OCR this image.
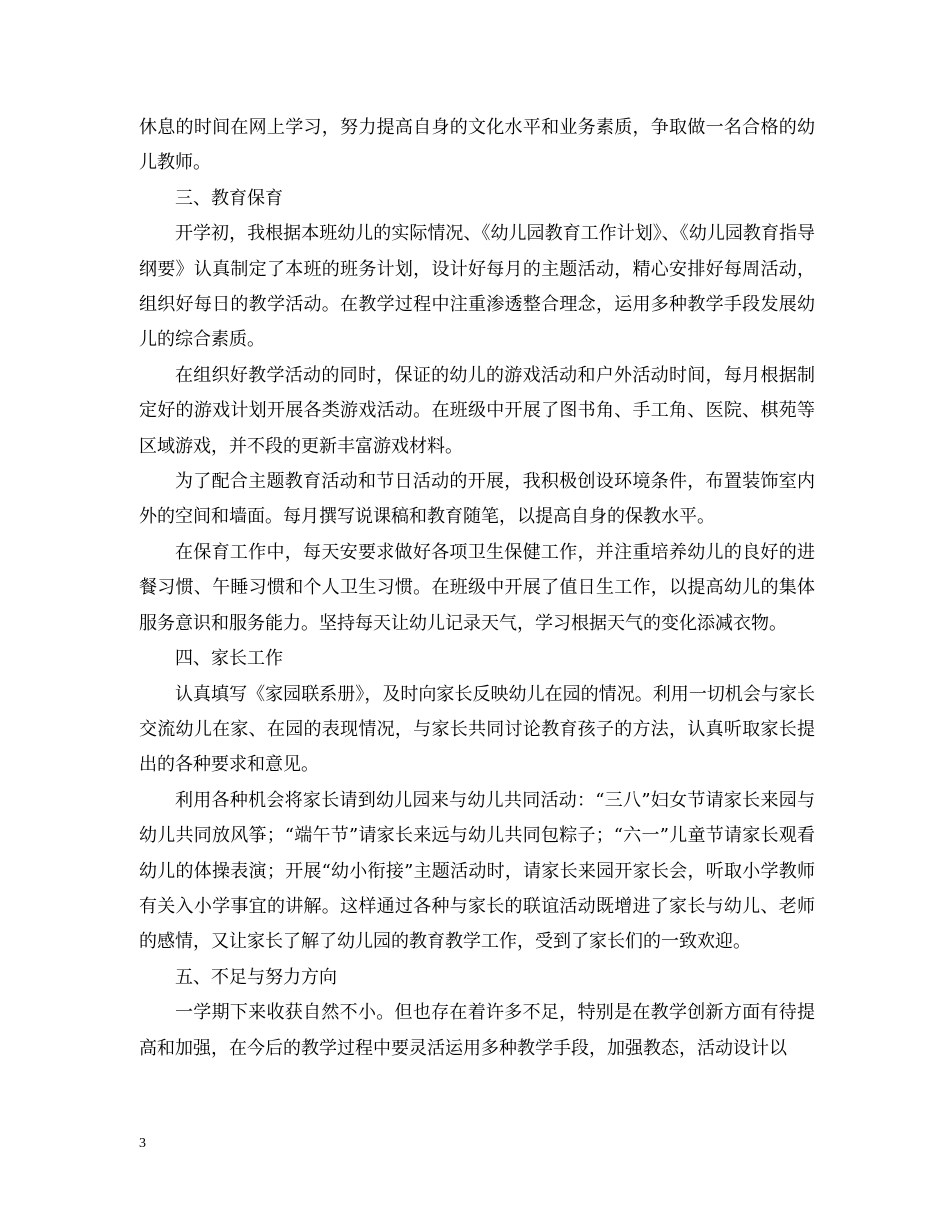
休息的时间在网上学习，努力提高自身的文化水平和业务素质，争取做一名合格的幼儿教师。

三、教育保育

开学初，我根据本班幼儿的实际情况、《幼儿园教育工作计划》、《幼儿园教育指导纲要》认真制定了本班的班务计划，设计好每月的主题活动，精心安排好每周活动，组织好每日的教学活动。在教学过程中注重渗透整合理念，运用多种教学手段发展幼儿的综合素质。

在组织好教学活动的同时，保证的幼儿的游戏活动和户外活动时间，每月根据制定好的游戏计划开展各类游戏活动。在班级中开展了图书角、手工角、医院、棋苑等区域游戏，并不段的更新丰富游戏材料。

为了配合主题教育活动和节日活动的开展，我积极创设环境条件，布置装饰室内外的空间和墙面。每月撰写说课稿和教育随笔，以提高自身的保教水平。

在保育工作中，每天安要求做好各项卫生保健工作，并注重培养幼儿的良好的进餐习惯、午睡习惯和个人卫生习惯。在班级中开展了值日生工作，以提高幼儿的集体服务意识和服务能力。坚持每天让幼儿记录天气，学习根据天气的变化添减衣物。

四、家长工作

认真填写《家园联系册》，及时向家长反映幼儿在园的情况。利用一切机会与家长交流幼儿在家、在园的表现情况，与家长共同讨论教育孩子的方法，认真听取家长提出的各种要求和意见。

利用各种机会将家长请到幼儿园来与幼儿共同活动：“三八”妇女节请家长来园与幼儿共同放风筝；“端午节”请家长来远与幼儿共同包粽子；“六一”儿童节请家长观看幼儿的体操表演；开展“幼小衔接”主题活动时，请家长来园开家长会，听取小学教师有关入小学事宜的讲解。这样通过各种与家长的联谊活动既增进了家长与幼儿、老师的感情，又让家长了解了幼儿园的教育教学工作，受到了家长们的一致欢迎。

五、不足与努力方向

一学期下来收获自然不小。但也存在着许多不足，特别是在教学创新方面有待提高和加强，在今后的教学过程中要灵活运用多种教学手段，加强教态，活动设计以

3
